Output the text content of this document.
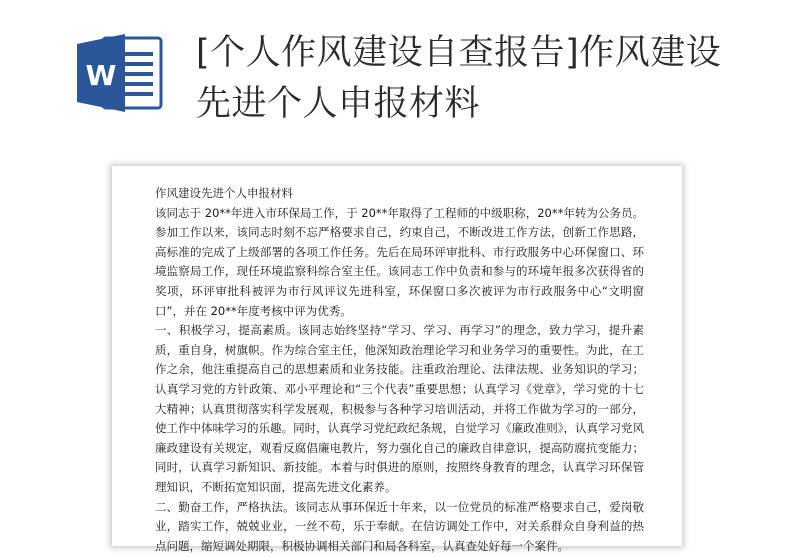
W
[个人作风建设自查报告]作风建设先进个人申报材料

作风建设先进个人申报材料

该同志于 20**年进入市环保局工作，于 20**年取得了工程师的中级职称，20**年转为公务员。参加工作以来，该同志时刻不忘严格要求自己，约束自己，不断改进工作方法，创新工作思路，高标准的完成了上级部署的各项工作任务。先后在局环评审批科、市行政服务中心环保窗口、环境监察局工作，现任环境监察科综合室主任。该同志工作中负责和参与的环境年报多次获得省的奖项，环评审批科被评为市行风评议先进科室，环保窗口多次被评为市行政服务中心“文明窗口”，并在 20**年度考核中评为优秀。

一、积极学习，提高素质。该同志始终坚持“学习、学习、再学习”的理念，致力学习，提升素质，重自身，树旗帜。作为综合室主任，他深知政治理论学习和业务学习的重要性。为此，在工作之余，他注重提高自己的思想素质和业务技能。注重政治理论、法律法规、业务知识的学习；认真学习党的方针政策、邓小平理论和“三个代表”重要思想；认真学习《党章》，学习党的十七大精神；认真贯彻落实科学发展观，积极参与各种学习培训活动，并将工作做为学习的一部分，使工作中体味学习的乐趣。同时，认真学习党纪政纪条规，自觉学习《廉政准则》，认真学习党风廉政建设有关规定，观看反腐倡廉电教片，努力强化自己的廉政自律意识，提高防腐抗变能力；同时，认真学习新知识、新技能。本着与时俱进的原则，按照终身教育的理念，认真学习环保管理知识，不断拓宽知识面，提高先进文化素养。

二、勤奋工作，严格执法。该同志从事环保近十年来，以一位党员的标准严格要求自己，爱岗敬业，踏实工作，兢兢业业，一丝不苟，乐于奉献。在信访调处工作中，对关系群众自身利益的热点问题，缩短调处期限，积极协调相关部门和局各科室，认真查处好每一个案件。
